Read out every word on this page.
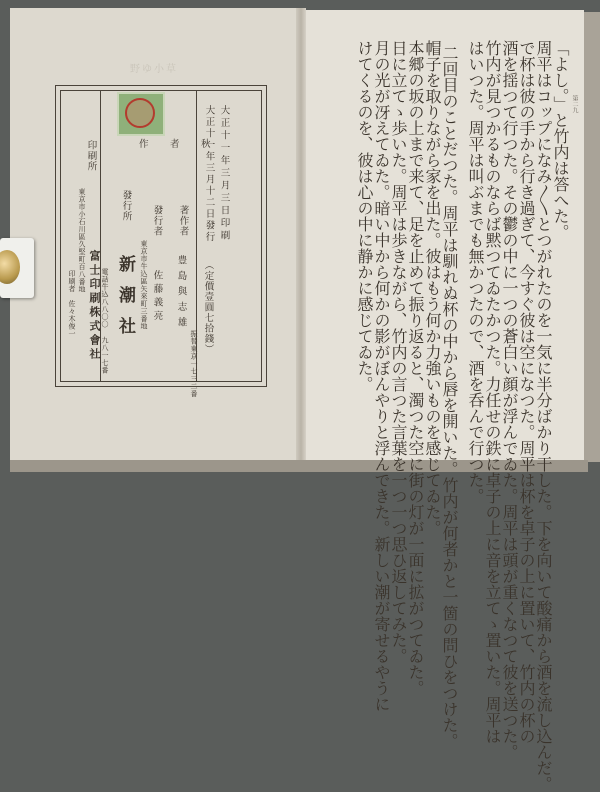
野ゆ小草
印刷所
東京市小石川區久堅町百八番地
印刷者　佐々木俊一 富士印刷株式會社
作　者　秋
發行所
新潮社
電話牛込八八〇〇 九八一七番
發行者
東京市牛込區矢來町三番地 佐藤義亮
大正十一年三月三日印刷
大正十一年三月十二日發行
（定價壹圓七拾錢）
著作者
豊島與志雄
振替東京一七三二番
「よし。」と竹内は答へた。
周平はコップになみ〳〵とつがれたのを一気に半分ばかり干した。下を向いて酸痛から酒を流し込んだ。
で杯は彼の手から行き過ぎて、今すぐ彼は空になつた。周平は杯を卓子の上に置いて、竹内の杯の
酒を揺つて行つた。その鬱の中に一つの蒼白い顔が浮んでゐた。周平は頭が重くなつて彼を送つた。
竹内が見つかるものならば黙つてゐたかつた。力任せの鉄に卓子の上に音を立てゝ置いた。周平は
はいつた。周平は叫ぶまでも無かつたので、酒を呑んで行つた。
二回目のことだつた。周平は馴れぬ杯の中から唇を開いた。竹内が何者かと一箇の問ひをつけた。
帽子を取りながら家を出た。彼はもう何か力強いものを感じてゐた。
本郷の坂の上まで来て、足を止めて振り返ると、濁つた空に街の灯が一面に拡がつてゐた。
日に立てゝ歩いた。周平は歩きながら、竹内の言つた言葉を一つ一つ思ひ返してみた。
月の光が冴えてゐた。暗い中から何かの影がぼんやりと浮んできた。新しい潮が寄せるやうに
けてくるのを、彼は心の中に静かに感じてゐた。	第二九
